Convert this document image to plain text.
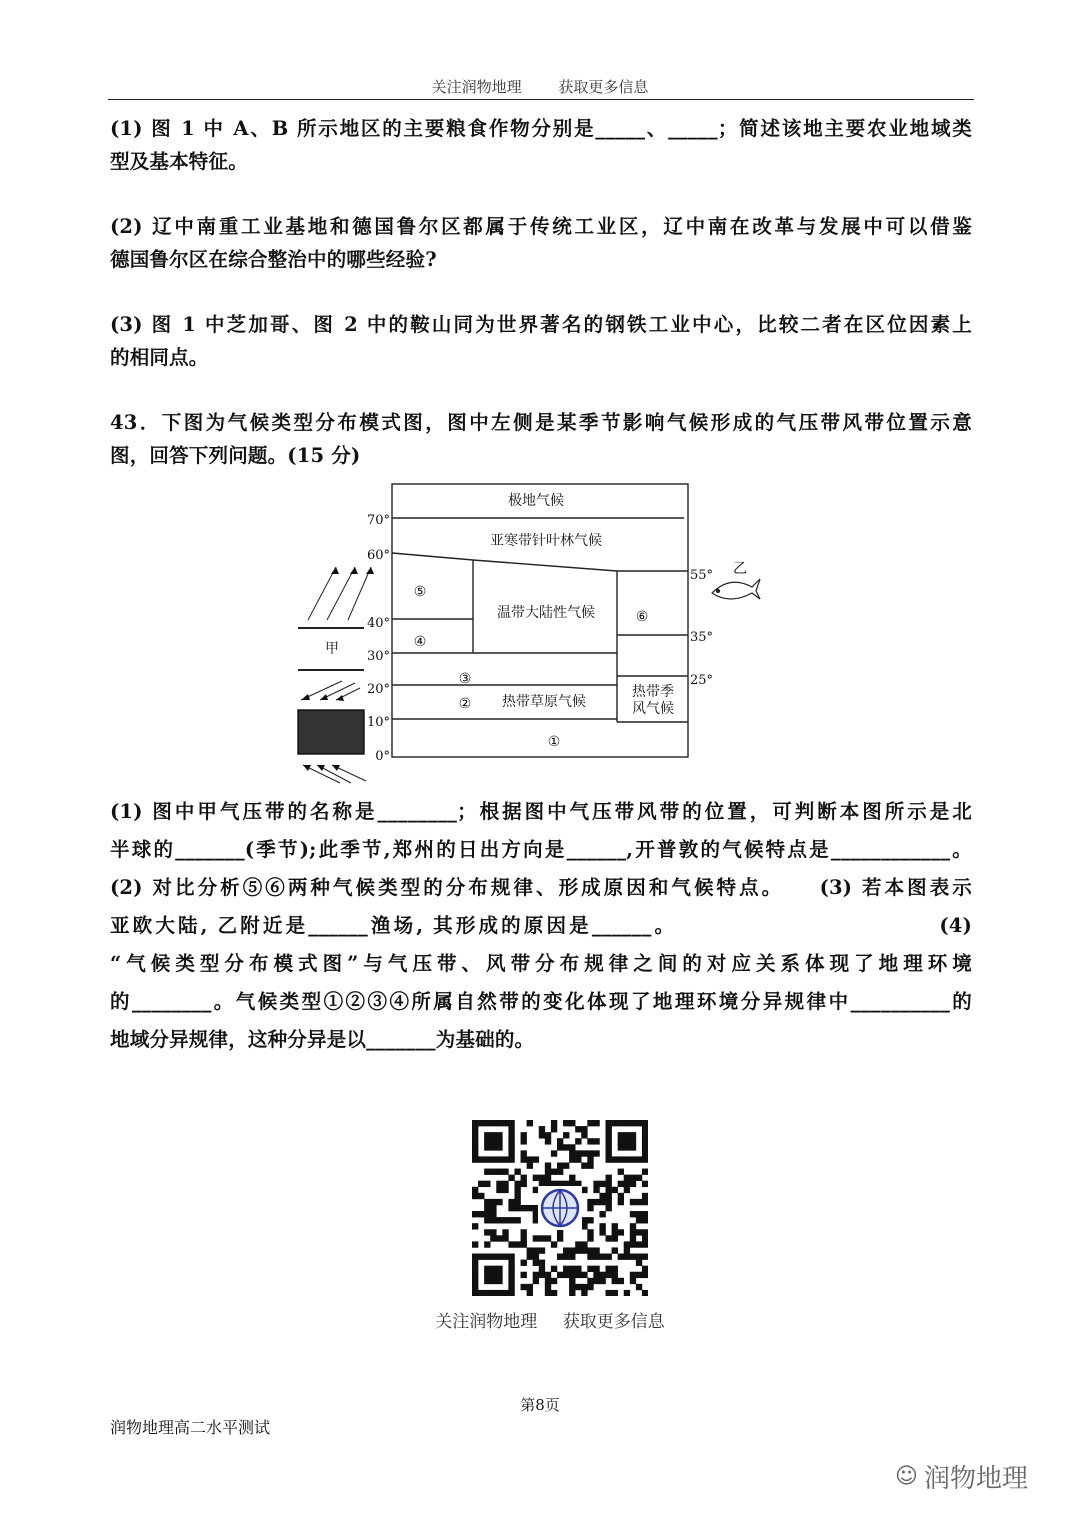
关注润物地理 获取更多信息
(1) 图 1 中 A、B 所示地区的主要粮食作物分别是_____、_____；简述该地主要农业地域类
型及基本特征。
(2) 辽中南重工业基地和德国鲁尔区都属于传统工业区，辽中南在改革与发展中可以借鉴
德国鲁尔区在综合整治中的哪些经验?
(3) 图 1 中芝加哥、图 2 中的鞍山同为世界著名的钢铁工业中心，比较二者在区位因素上
的相同点。
43．下图为气候类型分布模式图，图中左侧是某季节影响气候形成的气压带风带位置示意
图，回答下列问题。(15 分)
极地气候
亚寒带针叶林气候
温带大陆性气候
热带草原气候
热带季
风气候
⑤
④
③
②
①
⑥
甲
乙
70°
60°
40°
30°
20°
10°
0°
55°
35°
25°
(1) 图中甲气压带的名称是________；根据图中气压带风带的位置，可判断本图所示是北
半球的_______(季节);此季节,郑州的日出方向是______,开普敦的气候特点是____________。
(2) 对比分析⑤⑥两种气候类型的分布规律、形成原因和气候特点。　　(3) 若本图表示
亚欧大陆, 乙附近是______渔场, 其形成的原因是______。　　　　　　　　　　　　(4)
“气候类型分布模式图”与气压带、风带分布规律之间的对应关系体现了地理环境
的________。气候类型①②③④所属自然带的变化体现了地理环境分异规律中__________的
地域分异规律，这种分异是以_______为基础的。
关注润物地理 获取更多信息
第8页
润物地理高二水平测试
☺ 润物地理
